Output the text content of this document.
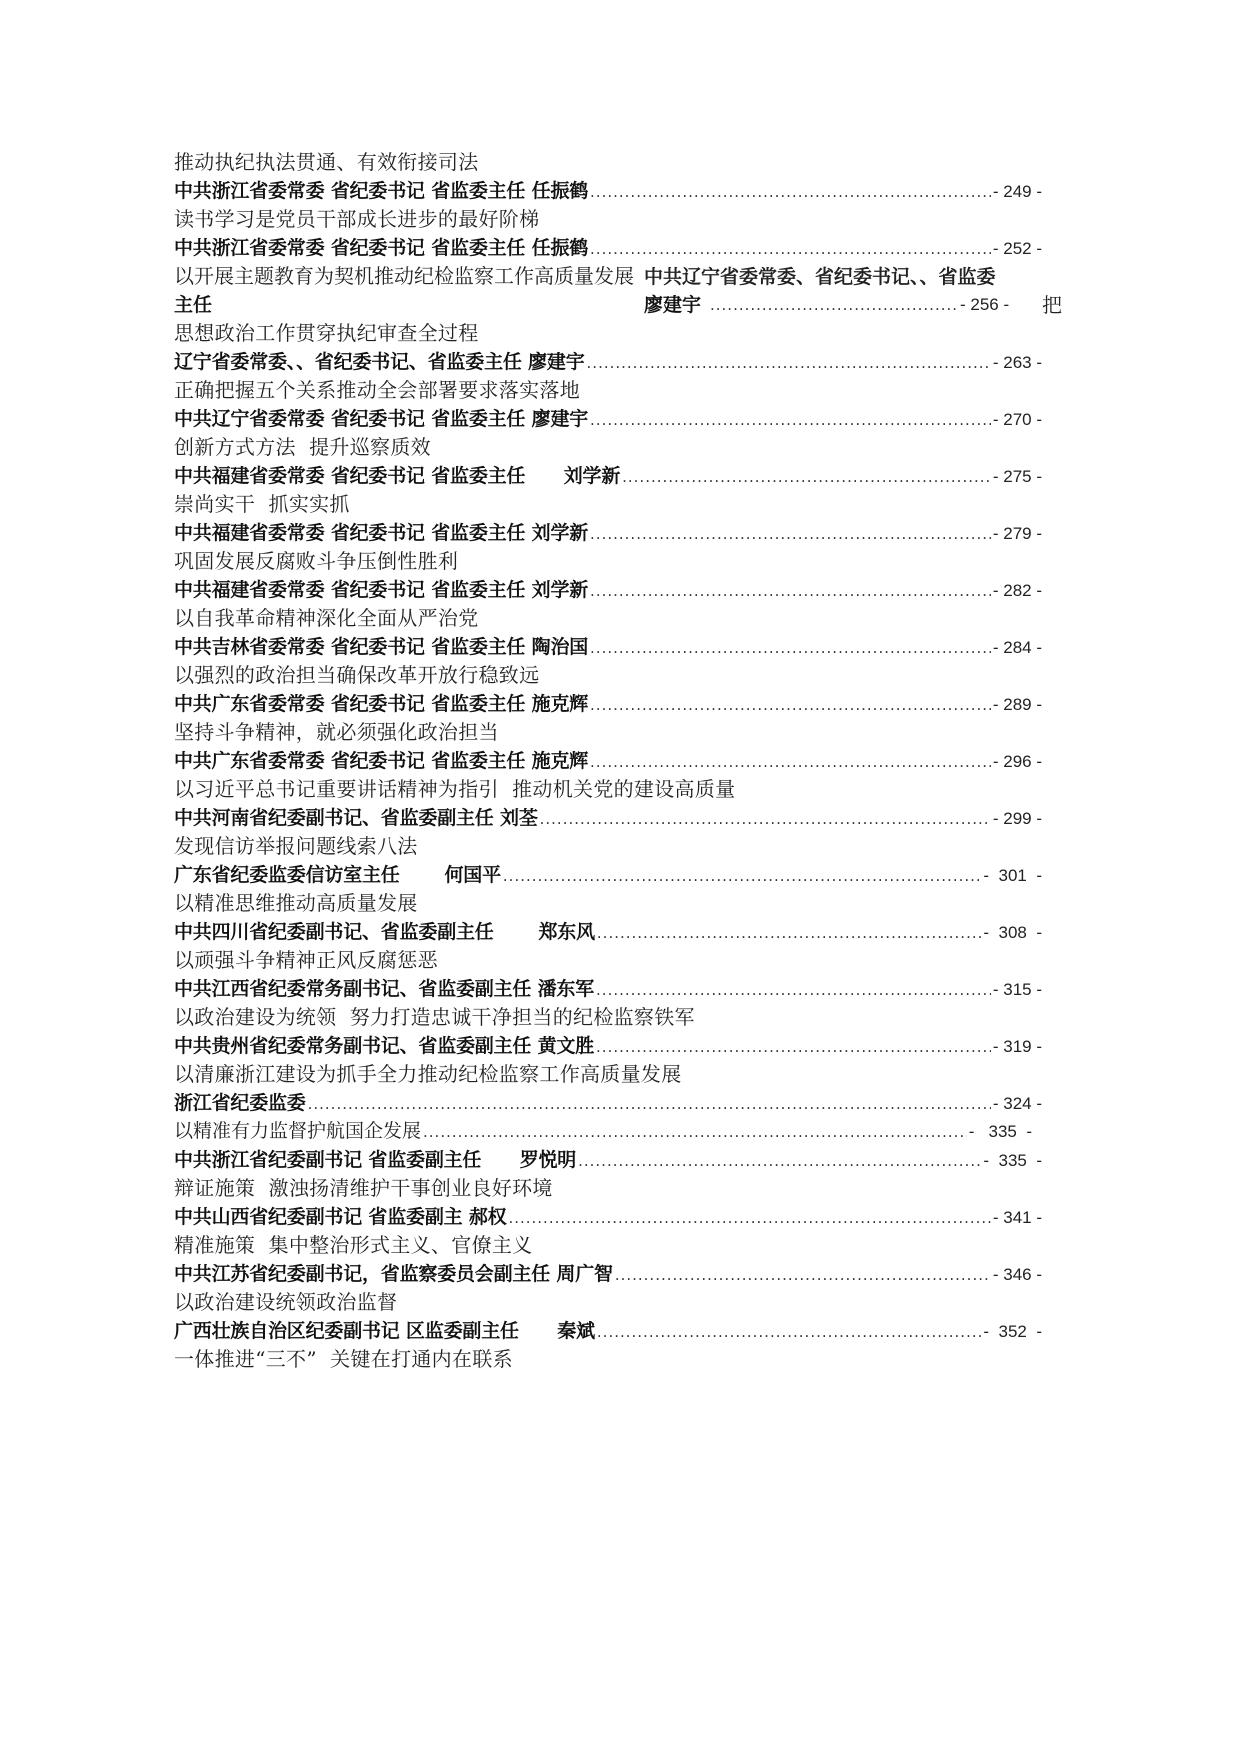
推动执纪执法贯通、有效衔接司法
中共浙江省委常委 省纪委书记 省监委主任 任振鹤 .....	- 249 -
读书学习是党员干部成长进步的最好阶梯
中共浙江省委常委 省纪委书记 省监委主任 任振鹤 .....	- 252 -
以开展主题教育为契机推动纪检监察工作高质量发展 中共辽宁省委常委、省纪委书记、、省监委
主任	廖建宇 .....	- 256 - 把
思想政治工作贯穿执纪审查全过程
辽宁省委常委、、省纪委书记、省监委主任 廖建宇 .....	- 263 -
正确把握五个关系推动全会部署要求落实落地
中共辽宁省委常委 省纪委书记 省监委主任 廖建宇 .....	- 270 -
创新方式方法  提升巡察质效
中共福建省委常委 省纪委书记 省监委主任      刘学新 .....	- 275 -
崇尚实干  抓实实抓
中共福建省委常委 省纪委书记 省监委主任 刘学新 .....	- 279 -
巩固发展反腐败斗争压倒性胜利
中共福建省委常委 省纪委书记 省监委主任 刘学新 .....	- 282 -
以自我革命精神深化全面从严治党
中共吉林省委常委 省纪委书记 省监委主任 陶治国 .....	- 284 -
以强烈的政治担当确保改革开放行稳致远
中共广东省委常委 省纪委书记 省监委主任 施克辉 .....	- 289 -
坚持斗争精神，就必须强化政治担当
中共广东省委常委 省纪委书记 省监委主任 施克辉 .....	- 296 -
以习近平总书记重要讲话精神为指引  推动机关党的建设高质量
中共河南省纪委副书记、省监委副主任 刘荃 .....	- 299 -
发现信访举报问题线索八法
广东省纪委监委信访室主任       何国平 .....	-  301  -
以精准思维推动高质量发展
中共四川省纪委副书记、省监委副主任       郑东风 .....	-  308  -
以顽强斗争精神正风反腐惩恶
中共江西省纪委常务副书记、省监委副主任 潘东军 .....	- 315 -
以政治建设为统领  努力打造忠诚干净担当的纪检监察铁军
中共贵州省纪委常务副书记、省监委副主任 黄文胜 .....	- 319 -
以清廉浙江建设为抓手全力推动纪检监察工作高质量发展
浙江省纪委监委 .....	- 324 -
以精准有力监督护航国企发展 .....	-   335  -
中共浙江省纪委副书记 省监委副主任      罗悦明 .....	-  335  -
辩证施策  激浊扬清维护干事创业良好环境
中共山西省纪委副书记 省监委副主 郝权 .....	- 341 -
精准施策  集中整治形式主义、官僚主义
中共江苏省纪委副书记，省监察委员会副主任 周广智 .....	- 346 -
以政治建设统领政治监督
广西壮族自治区纪委副书记 区监委副主任      秦斌 .....	-  352  -
一体推进“三不”  关键在打通内在联系
